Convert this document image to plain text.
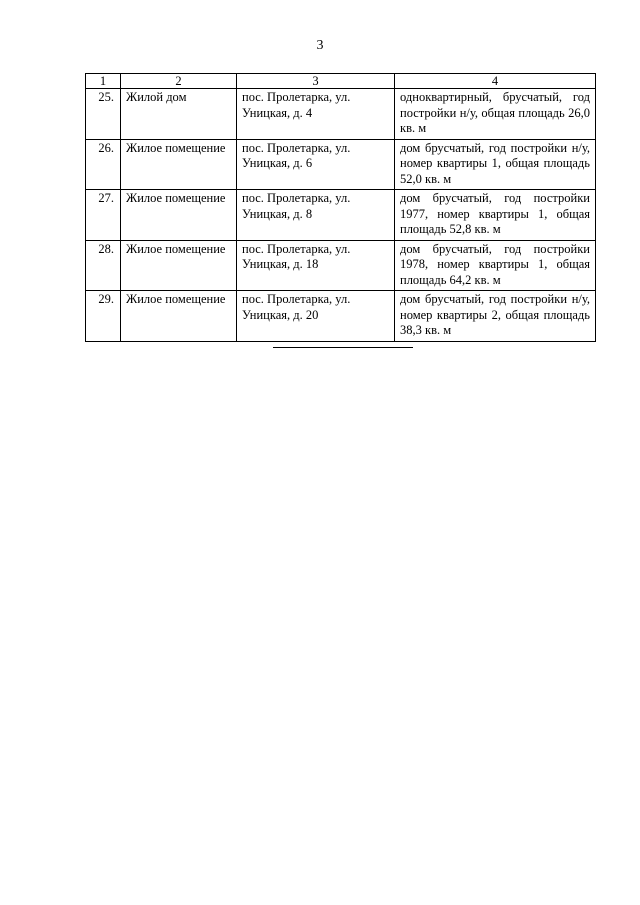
3
1	2	3	4
25.	Жилой дом	пос. Пролетарка, ул. Уницкая, д. 4	одноквартирный, брусчатый, год постройки н/у, общая площадь 26,0 кв. м
26.	Жилое помещение	пос. Пролетарка, ул. Уницкая, д. 6	дом брусчатый, год постройки н/у, номер квартиры 1, общая площадь 52,0 кв. м
27.	Жилое помещение	пос. Пролетарка, ул. Уницкая, д. 8	дом брусчатый, год постройки 1977, номер квартиры 1, общая площадь 52,8 кв. м
28.	Жилое помещение	пос. Пролетарка, ул. Уницкая, д. 18	дом брусчатый, год постройки 1978, номер квартиры 1, общая площадь 64,2 кв. м
29.	Жилое помещение	пос. Пролетарка, ул. Уницкая, д. 20	дом брусчатый, год постройки н/у, номер квартиры 2, общая площадь 38,3 кв. м
